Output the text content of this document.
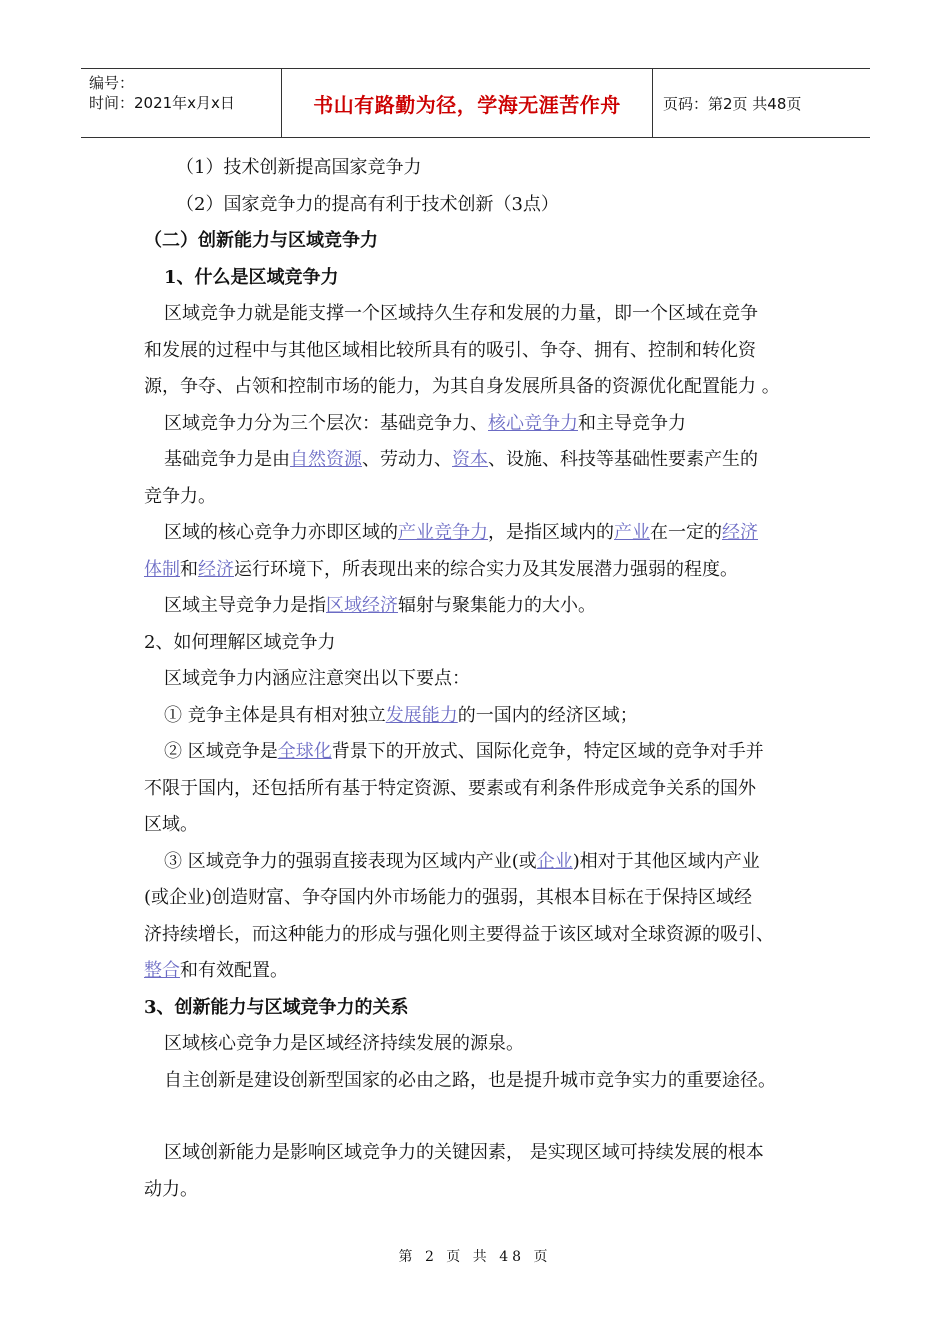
编号：
时间：2021年x月x日	书山有路勤为径，学海无涯苦作舟	页码：第2页 共48页
（1）技术创新提高国家竞争力
（2）国家竞争力的提高有利于技术创新（3点）
（二）创新能力与区域竞争力
1、什么是区域竞争力
区域竞争力就是能支撑一个区域持久生存和发展的力量，即一个区域在竞争
和发展的过程中与其他区域相比较所具有的吸引、争夺、拥有、控制和转化资
源，争夺、占领和控制市场的能力，为其自身发展所具备的资源优化配置能力 。
区域竞争力分为三个层次：基础竞争力、核心竞争力和主导竞争力
基础竞争力是由自然资源、劳动力、资本、设施、科技等基础性要素产生的
竞争力。
区域的核心竞争力亦即区域的产业竞争力，是指区域内的产业在一定的经济
体制和经济运行环境下，所表现出来的综合实力及其发展潜力强弱的程度。
区域主导竞争力是指区域经济辐射与聚集能力的大小。
2、如何理解区域竞争力
区域竞争力内涵应注意突出以下要点：
① 竞争主体是具有相对独立发展能力的一国内的经济区域；
② 区域竞争是全球化背景下的开放式、国际化竞争，特定区域的竞争对手并
不限于国内，还包括所有基于特定资源、要素或有利条件形成竞争关系的国外
区域。
③ 区域竞争力的强弱直接表现为区域内产业(或企业)相对于其他区域内产业
(或企业)创造财富、争夺国内外市场能力的强弱，其根本目标在于保持区域经
济持续增长，而这种能力的形成与强化则主要得益于该区域对全球资源的吸引、
整合和有效配置。
3、创新能力与区域竞争力的关系
区域核心竞争力是区域经济持续发展的源泉。
自主创新是建设创新型国家的必由之路，也是提升城市竞争实力的重要途径。
区域创新能力是影响区域竞争力的关键因素， 是实现区域可持续发展的根本
动力。
第 2 页 共 48 页
